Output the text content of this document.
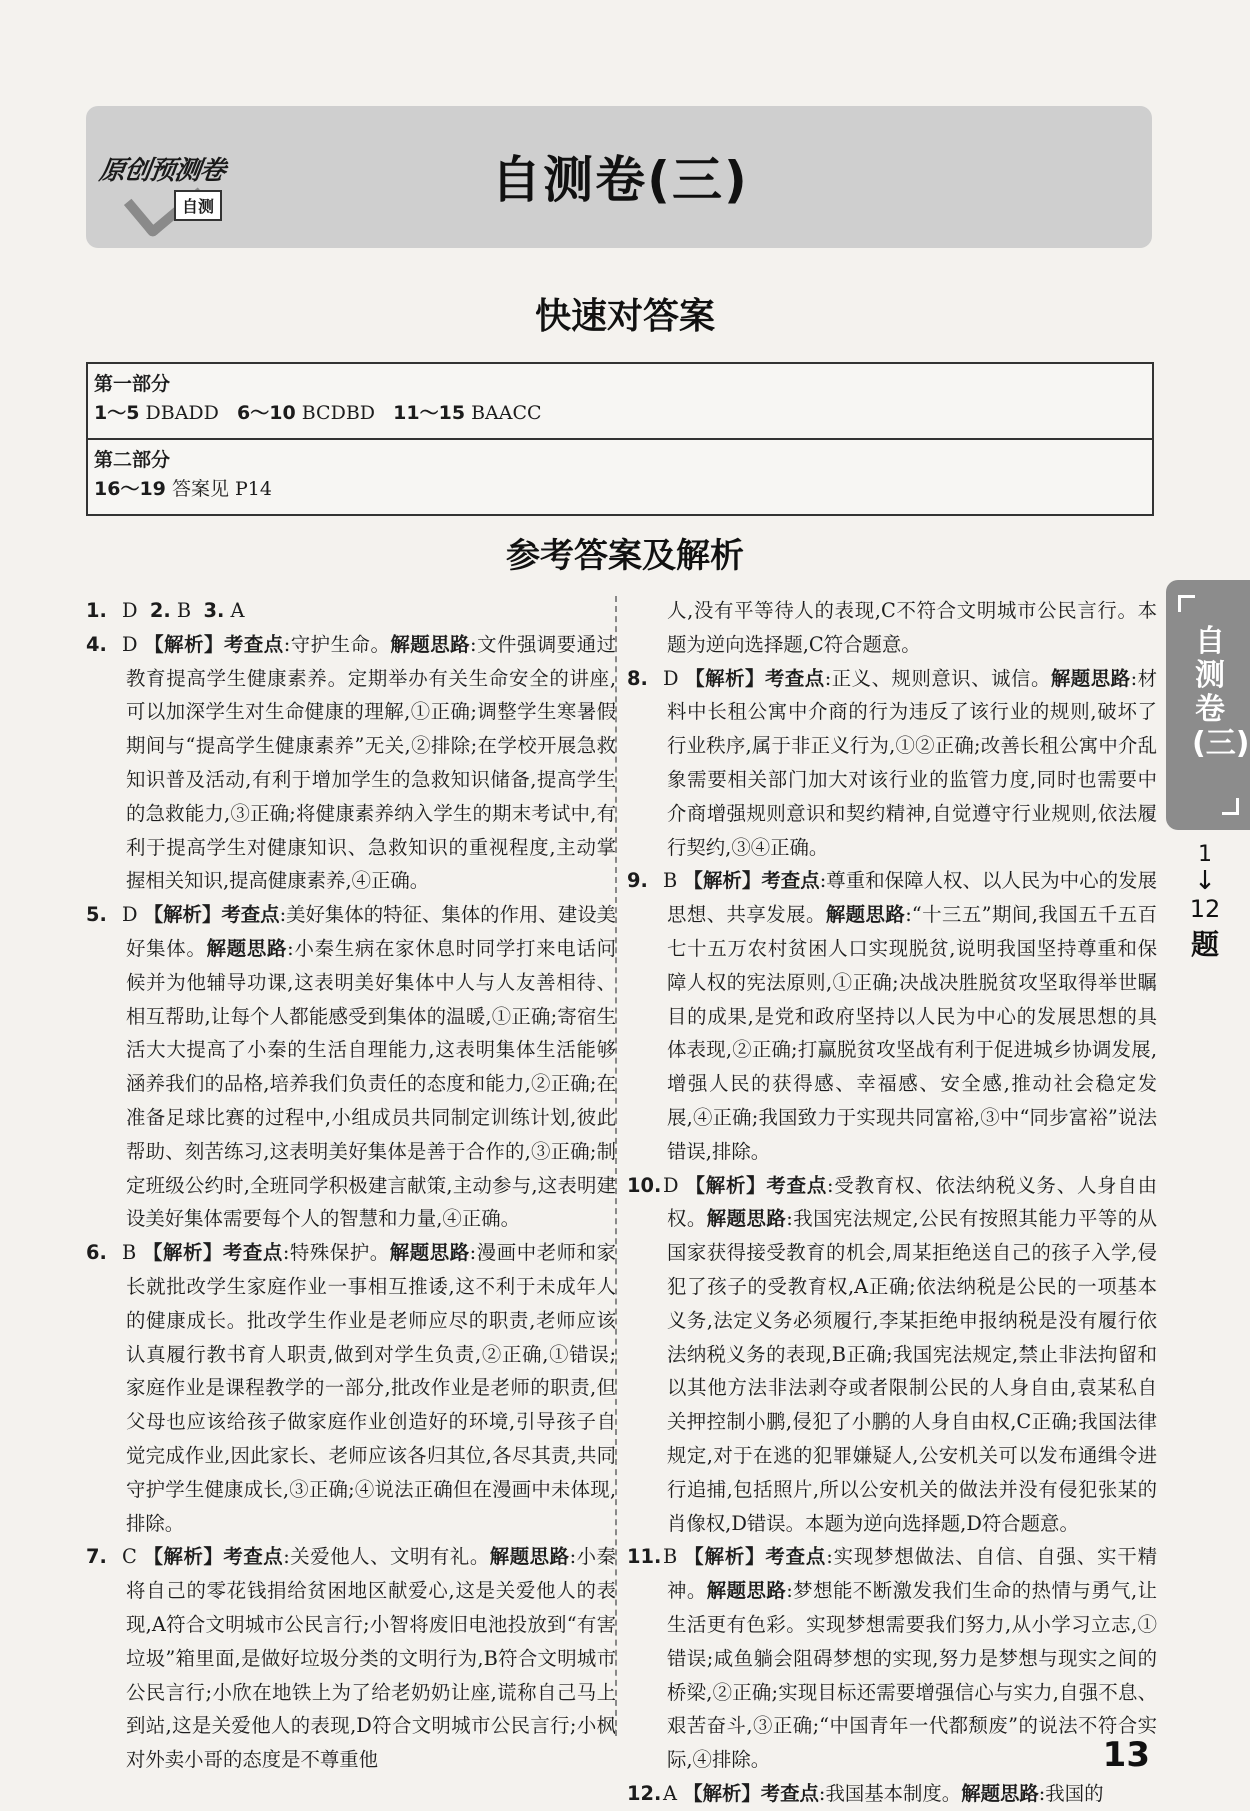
原创预测卷
自测	自测卷(三)
快速对答案
第一部分
1～5 DBADD 6～10 BCDBD 11～15 BAACC
第二部分
16～19 答案见 P14
参考答案及解析

1. D 2. B 3. A

4. D 【解析】考查点:守护生命。解题思路:文件强调要通过教育提高学生健康素养。定期举办有关生命安全的讲座,可以加深学生对生命健康的理解,①正确;调整学生寒暑假期间与“提高学生健康素养”无关,②排除;在学校开展急救知识普及活动,有利于增加学生的急救知识储备,提高学生的急救能力,③正确;将健康素养纳入学生的期末考试中,有利于提高学生对健康知识、急救知识的重视程度,主动掌握相关知识,提高健康素养,④正确。

5. D 【解析】考查点:美好集体的特征、集体的作用、建设美好集体。解题思路:小秦生病在家休息时同学打来电话问候并为他辅导功课,这表明美好集体中人与人友善相待、相互帮助,让每个人都能感受到集体的温暖,①正确;寄宿生活大大提高了小秦的生活自理能力,这表明集体生活能够涵养我们的品格,培养我们负责任的态度和能力,②正确;在准备足球比赛的过程中,小组成员共同制定训练计划,彼此帮助、刻苦练习,这表明美好集体是善于合作的,③正确;制定班级公约时,全班同学积极建言献策,主动参与,这表明建设美好集体需要每个人的智慧和力量,④正确。

6. B 【解析】考查点:特殊保护。解题思路:漫画中老师和家长就批改学生家庭作业一事相互推诿,这不利于未成年人的健康成长。批改学生作业是老师应尽的职责,老师应该认真履行教书育人职责,做到对学生负责,②正确,①错误;家庭作业是课程教学的一部分,批改作业是老师的职责,但父母也应该给孩子做家庭作业创造好的环境,引导孩子自觉完成作业,因此家长、老师应该各归其位,各尽其责,共同守护学生健康成长,③正确;④说法正确但在漫画中未体现,排除。

7. C 【解析】考查点:关爱他人、文明有礼。解题思路:小秦将自己的零花钱捐给贫困地区献爱心,这是关爱他人的表现,A符合文明城市公民言行;小智将废旧电池投放到“有害垃圾”箱里面,是做好垃圾分类的文明行为,B符合文明城市公民言行;小欣在地铁上为了给老奶奶让座,谎称自己马上到站,这是关爱他人的表现,D符合文明城市公民言行;小枫对外卖小哥的态度是不尊重他

人,没有平等待人的表现,C不符合文明城市公民言行。本题为逆向选择题,C符合题意。

8. D 【解析】考查点:正义、规则意识、诚信。解题思路:材料中长租公寓中介商的行为违反了该行业的规则,破坏了行业秩序,属于非正义行为,①②正确;改善长租公寓中介乱象需要相关部门加大对该行业的监管力度,同时也需要中介商增强规则意识和契约精神,自觉遵守行业规则,依法履行契约,③④正确。

9. B 【解析】考查点:尊重和保障人权、以人民为中心的发展思想、共享发展。解题思路:“十三五”期间,我国五千五百七十五万农村贫困人口实现脱贫,说明我国坚持尊重和保障人权的宪法原则,①正确;决战决胜脱贫攻坚取得举世瞩目的成果,是党和政府坚持以人民为中心的发展思想的具体表现,②正确;打赢脱贫攻坚战有利于促进城乡协调发展,增强人民的获得感、幸福感、安全感,推动社会稳定发展,④正确;我国致力于实现共同富裕,③中“同步富裕”说法错误,排除。

10.D 【解析】考查点:受教育权、依法纳税义务、人身自由权。解题思路:我国宪法规定,公民有按照其能力平等的从国家获得接受教育的机会,周某拒绝送自己的孩子入学,侵犯了孩子的受教育权,A正确;依法纳税是公民的一项基本义务,法定义务必须履行,李某拒绝申报纳税是没有履行依法纳税义务的表现,B正确;我国宪法规定,禁止非法拘留和以其他方法非法剥夺或者限制公民的人身自由,袁某私自关押控制小鹏,侵犯了小鹏的人身自由权,C正确;我国法律规定,对于在逃的犯罪嫌疑人,公安机关可以发布通缉令进行追捕,包括照片,所以公安机关的做法并没有侵犯张某的肖像权,D错误。本题为逆向选择题,D符合题意。

11.B 【解析】考查点:实现梦想做法、自信、自强、实干精神。解题思路:梦想能不断激发我们生命的热情与勇气,让生活更有色彩。实现梦想需要我们努力,从小学习立志,①错误;咸鱼躺会阻碍梦想的实现,努力是梦想与现实之间的桥梁,②正确;实现目标还需要增强信心与实力,自强不息、艰苦奋斗,③正确;“中国青年一代都颓废”的说法不符合实际,④排除。

12.A 【解析】考查点:我国基本制度。解题思路:我国的

自测卷(三)
1
↓
12
题
13
